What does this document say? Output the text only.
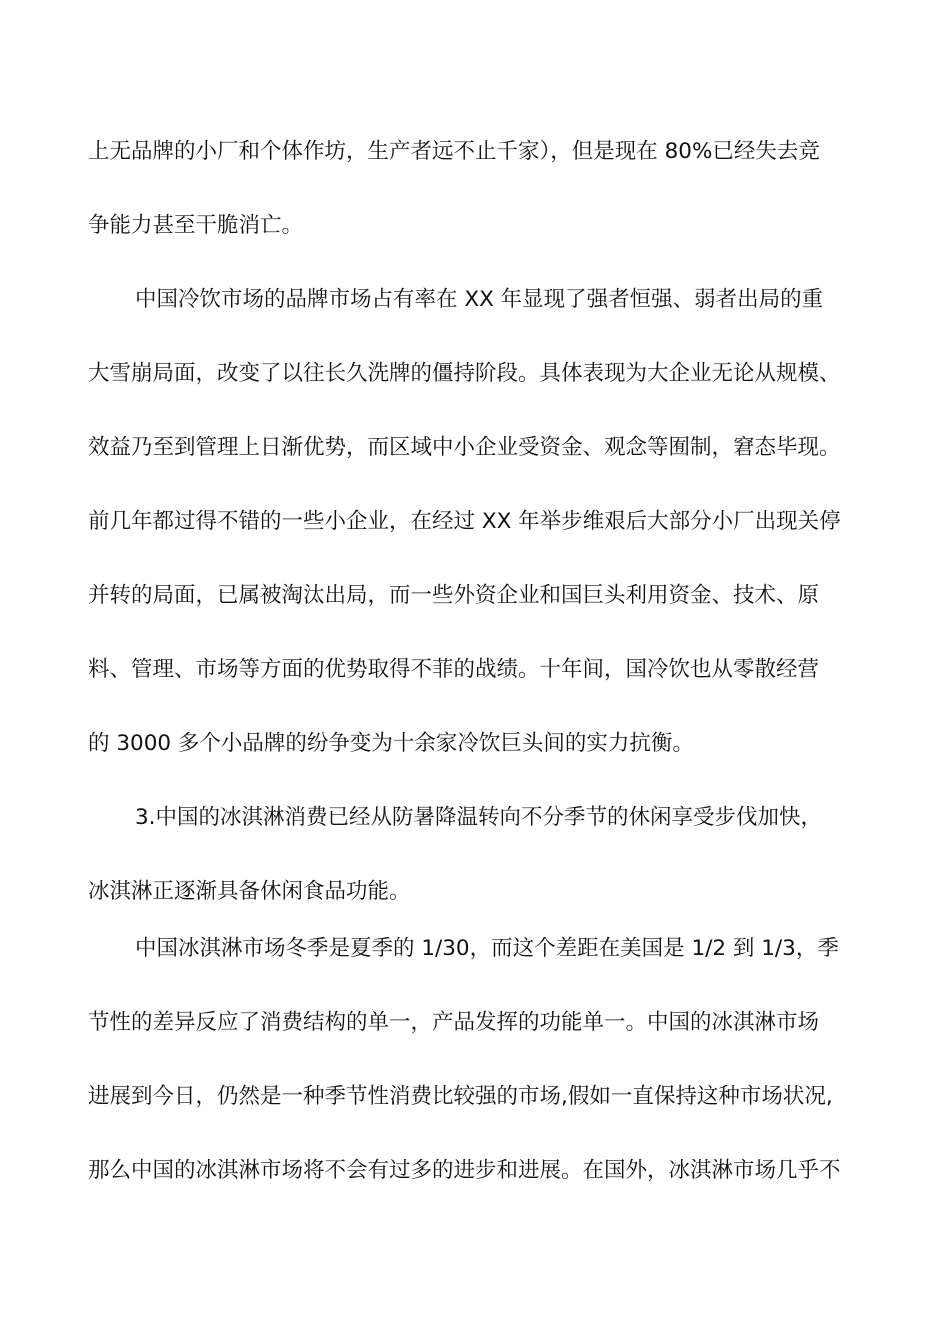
上无品牌的小厂和个体作坊，生产者远不止千家），但是现在 80%已经失去竞
争能力甚至干脆消亡。
中国冷饮市场的品牌市场占有率在 XX 年显现了强者恒强、弱者出局的重
大雪崩局面，改变了以往长久洗牌的僵持阶段。具体表现为大企业无论从规模、
效益乃至到管理上日渐优势，而区域中小企业受资金、观念等囿制，窘态毕现。
前几年都过得不错的一些小企业，在经过 XX 年举步维艰后大部分小厂出现关停
并转的局面，已属被淘汰出局，而一些外资企业和国巨头利用资金、技术、原
料、管理、市场等方面的优势取得不菲的战绩。十年间，国冷饮也从零散经营
的 3000 多个小品牌的纷争变为十余家冷饮巨头间的实力抗衡。
3.中国的冰淇淋消费已经从防暑降温转向不分季节的休闲享受步伐加快，
冰淇淋正逐渐具备休闲食品功能。
中国冰淇淋市场冬季是夏季的 1/30，而这个差距在美国是 1/2 到 1/3，季
节性的差异反应了消费结构的单一，产品发挥的功能单一。中国的冰淇淋市场
进展到今日，仍然是一种季节性消费比较强的市场,假如一直保持这种市场状况,
那么中国的冰淇淋市场将不会有过多的进步和进展。在国外，冰淇淋市场几乎不
